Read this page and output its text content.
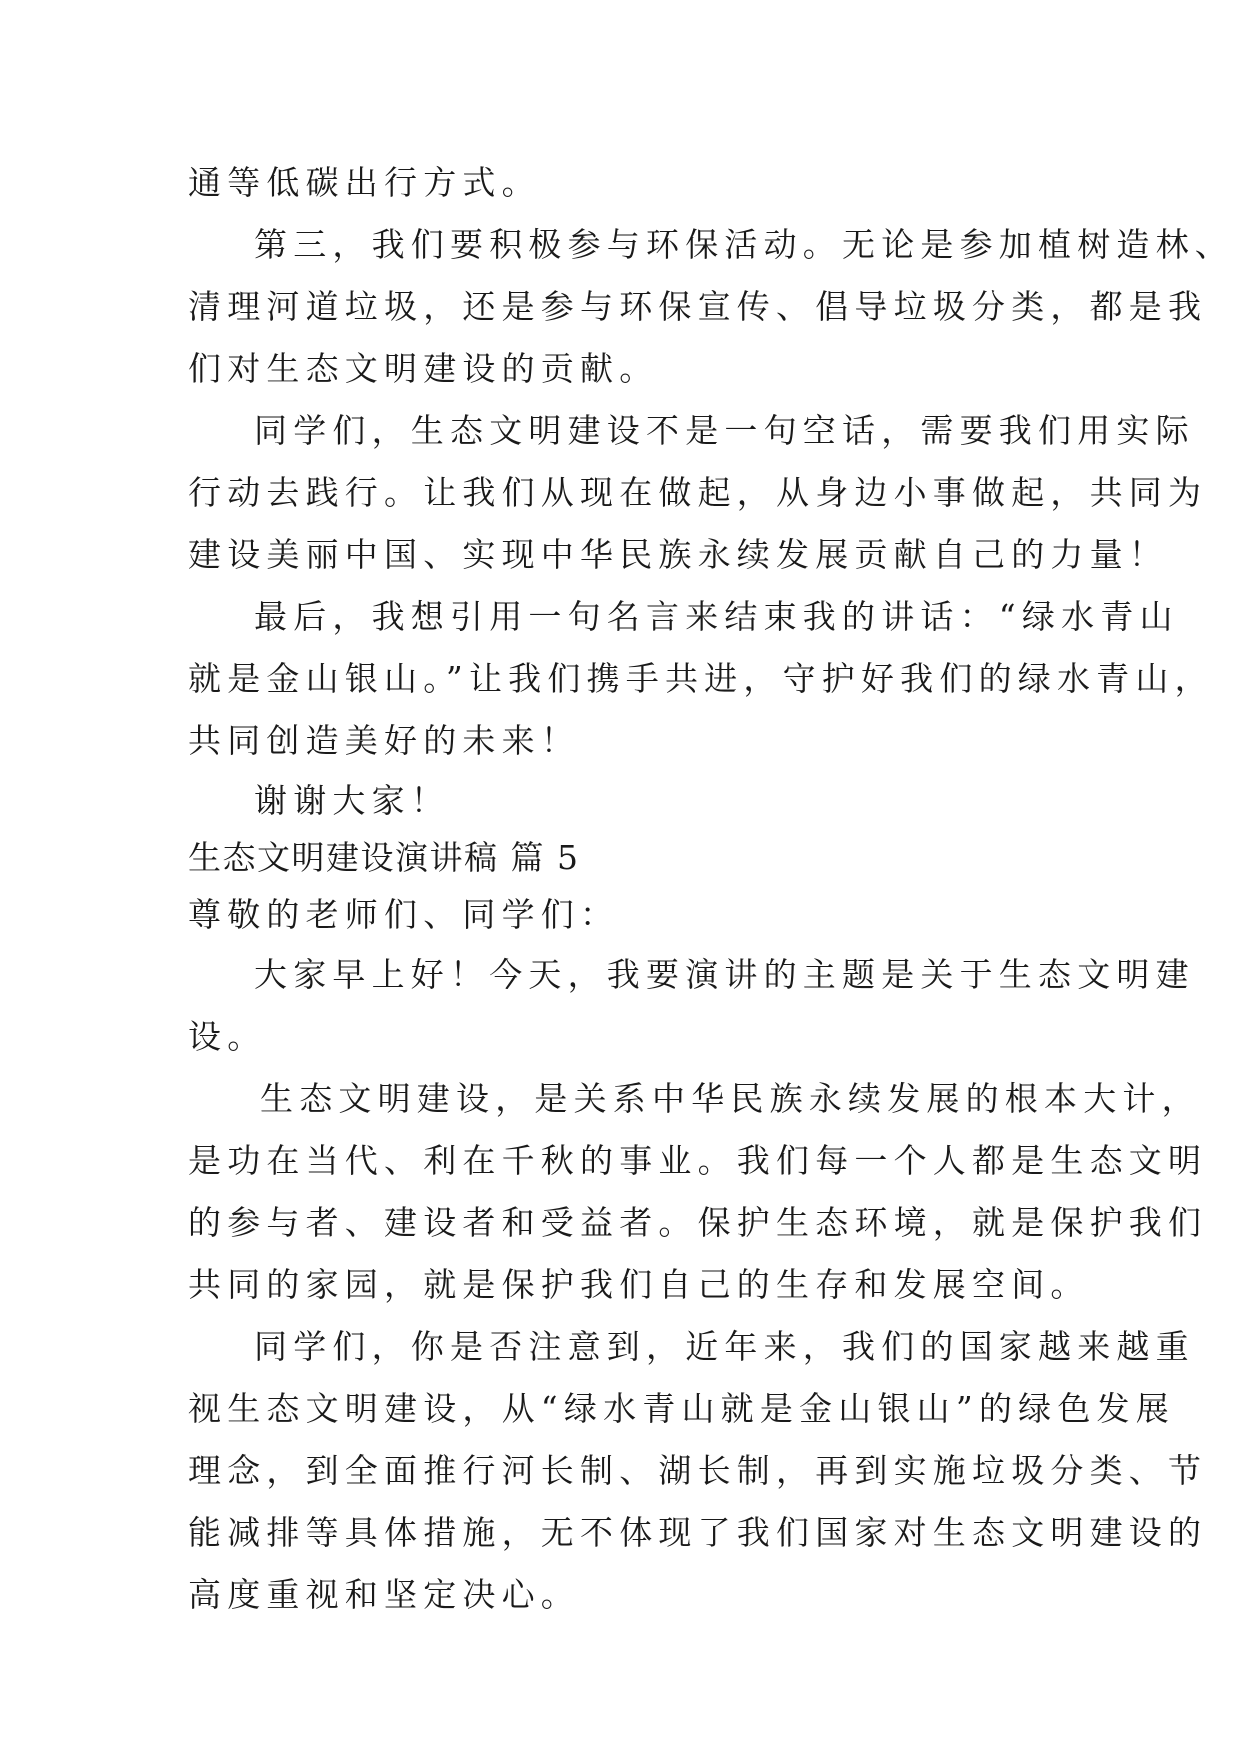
通等低碳出行方式。
第三，我们要积极参与环保活动。无论是参加植树造林、
清理河道垃圾，还是参与环保宣传、倡导垃圾分类，都是我
们对生态文明建设的贡献。
同学们，生态文明建设不是一句空话，需要我们用实际
行动去践行。让我们从现在做起，从身边小事做起，共同为
建设美丽中国、实现中华民族永续发展贡献自己的力量！
最后，我想引用一句名言来结束我的讲话：“绿水青山
就是金山银山。”让我们携手共进，守护好我们的绿水青山，
共同创造美好的未来！
谢谢大家！
生态文明建设演讲稿 篇 5
尊敬的老师们、同学们：
大家早上好！今天，我要演讲的主题是关于生态文明建
设。
生态文明建设，是关系中华民族永续发展的根本大计，
是功在当代、利在千秋的事业。我们每一个人都是生态文明
的参与者、建设者和受益者。保护生态环境，就是保护我们
共同的家园，就是保护我们自己的生存和发展空间。
同学们，你是否注意到，近年来，我们的国家越来越重
视生态文明建设，从“绿水青山就是金山银山”的绿色发展
理念，到全面推行河长制、湖长制，再到实施垃圾分类、节
能减排等具体措施，无不体现了我们国家对生态文明建设的
高度重视和坚定决心。
